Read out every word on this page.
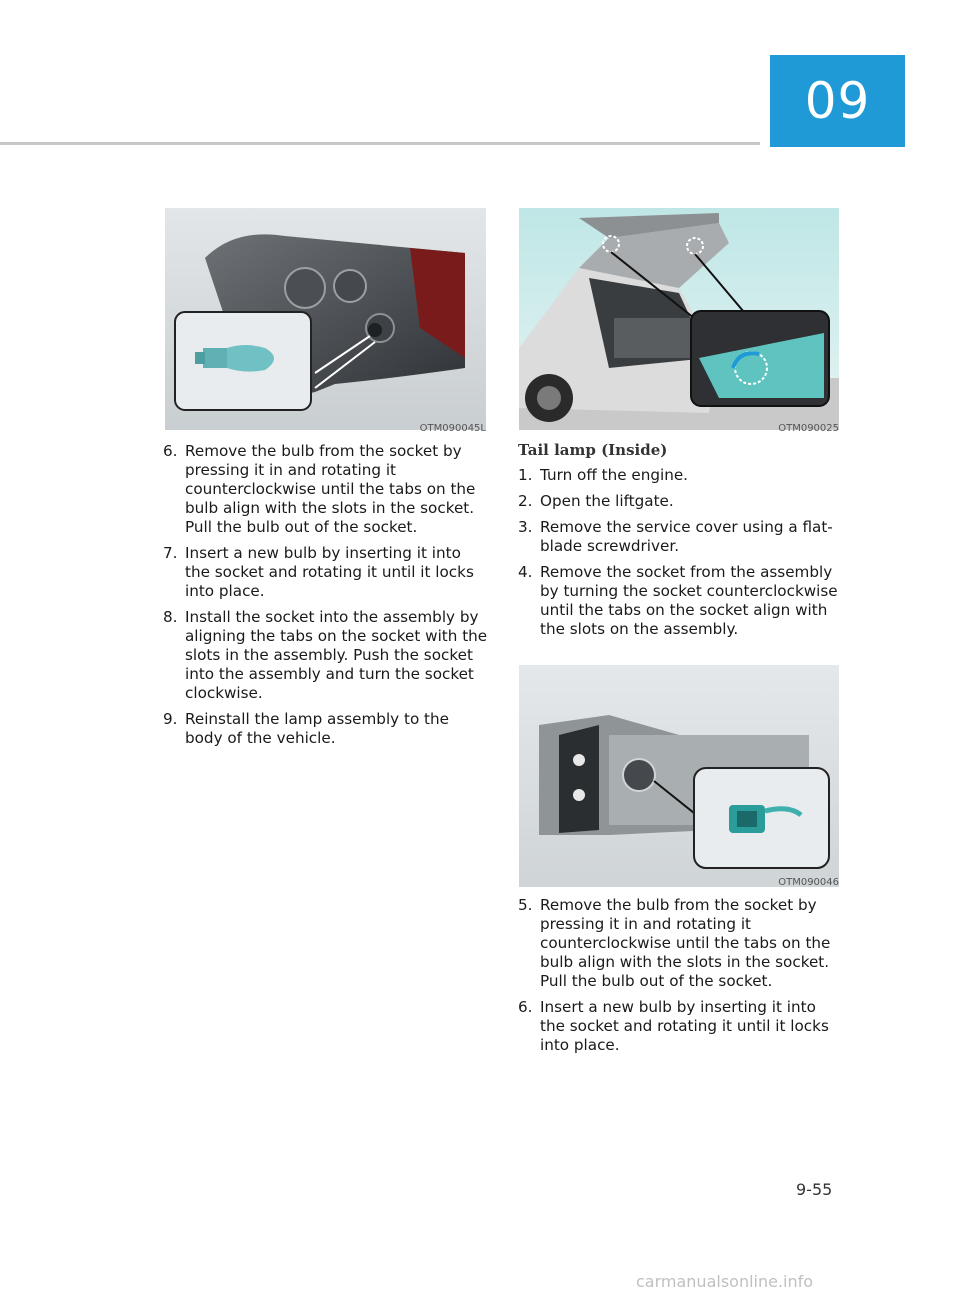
09
OTM090045L
6. Remove the bulb from the socket by pressing it in and rotating it counterclockwise until the tabs on the bulb align with the slots in the socket. Pull the bulb out of the socket.
7. Insert a new bulb by inserting it into the socket and rotating it until it locks into place.
8. Install the socket into the assembly by aligning the tabs on the socket with the slots in the assembly. Push the socket into the assembly and turn the socket clockwise.
9. Reinstall the lamp assembly to the body of the vehicle.
OTM090025
Tail lamp (Inside)
1. Turn off the engine.
2. Open the liftgate.
3. Remove the service cover using a flat-blade screwdriver.
4. Remove the socket from the assembly by turning the socket counterclockwise until the tabs on the socket align with the slots on the assembly.
OTM090046
5. Remove the bulb from the socket by pressing it in and rotating it counterclockwise until the tabs on the bulb align with the slots in the socket. Pull the bulb out of the socket.
6. Insert a new bulb by inserting it into the socket and rotating it until it locks into place.
9-55
carmanualsonline.info
